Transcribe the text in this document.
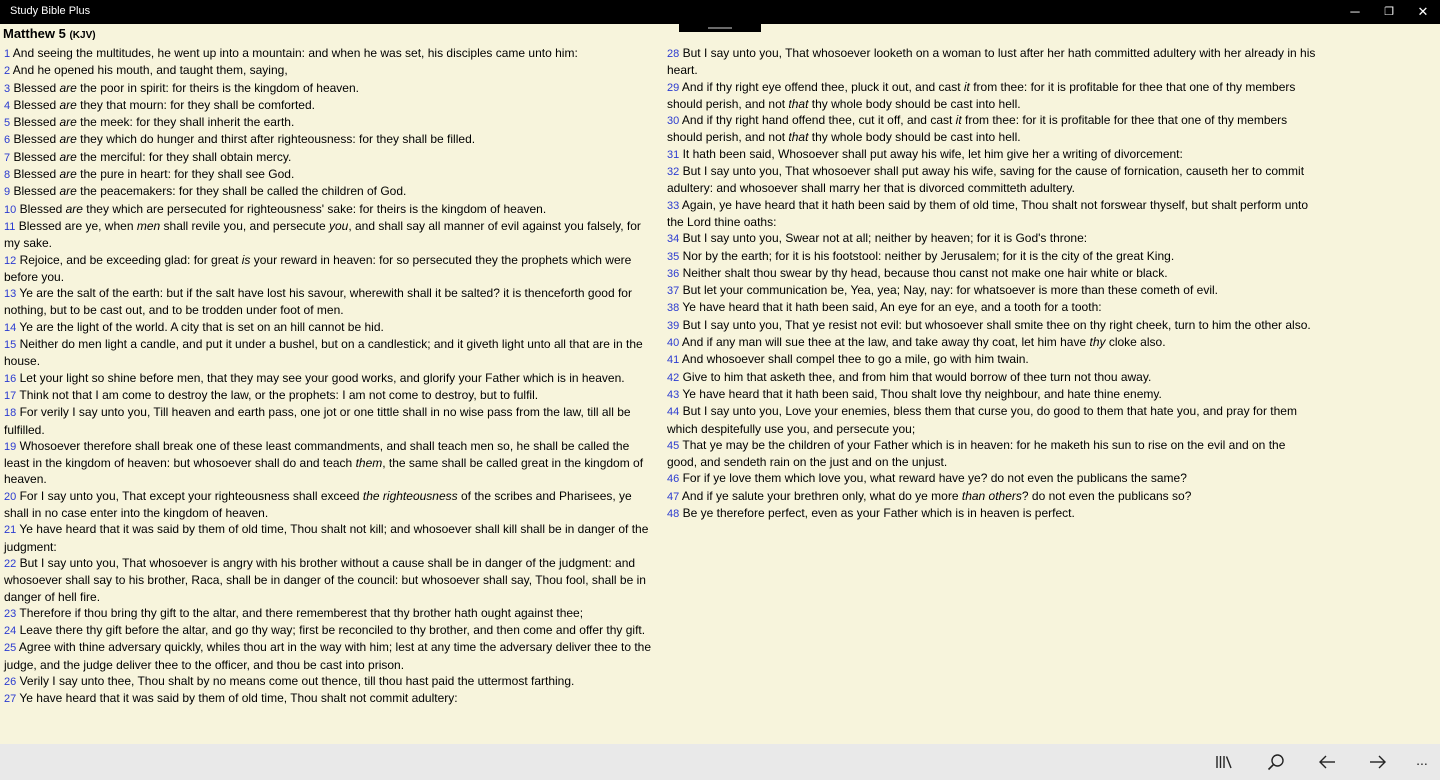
Study Bible Plus	─	❐	✕
Matthew 5 (KJV)

1 And seeing the multitudes, he went up into a mountain: and when he was set, his disciples came unto him:

2 And he opened his mouth, and taught them, saying,

3 Blessed are the poor in spirit: for theirs is the kingdom of heaven.

4 Blessed are they that mourn: for they shall be comforted.

5 Blessed are the meek: for they shall inherit the earth.

6 Blessed are they which do hunger and thirst after righteousness: for they shall be filled.

7 Blessed are the merciful: for they shall obtain mercy.

8 Blessed are the pure in heart: for they shall see God.

9 Blessed are the peacemakers: for they shall be called the children of God.

10 Blessed are they which are persecuted for righteousness' sake: for theirs is the kingdom of heaven.

11 Blessed are ye, when men shall revile you, and persecute you, and shall say all manner of evil against you falsely, for my sake.

12 Rejoice, and be exceeding glad: for great is your reward in heaven: for so persecuted they the prophets which were before you.

13 Ye are the salt of the earth: but if the salt have lost his savour, wherewith shall it be salted? it is thenceforth good for nothing, but to be cast out, and to be trodden under foot of men.

14 Ye are the light of the world. A city that is set on an hill cannot be hid.

15 Neither do men light a candle, and put it under a bushel, but on a candlestick; and it giveth light unto all that are in the house.

16 Let your light so shine before men, that they may see your good works, and glorify your Father which is in heaven.

17 Think not that I am come to destroy the law, or the prophets: I am not come to destroy, but to fulfil.

18 For verily I say unto you, Till heaven and earth pass, one jot or one tittle shall in no wise pass from the law, till all be fulfilled.

19 Whosoever therefore shall break one of these least commandments, and shall teach men so, he shall be called the least in the kingdom of heaven: but whosoever shall do and teach them, the same shall be called great in the kingdom of heaven.

20 For I say unto you, That except your righteousness shall exceed the righteousness of the scribes and Pharisees, ye shall in no case enter into the kingdom of heaven.

21 Ye have heard that it was said by them of old time, Thou shalt not kill; and whosoever shall kill shall be in danger of the judgment:

22 But I say unto you, That whosoever is angry with his brother without a cause shall be in danger of the judgment: and whosoever shall say to his brother, Raca, shall be in danger of the council: but whosoever shall say, Thou fool, shall be in danger of hell fire.

23 Therefore if thou bring thy gift to the altar, and there rememberest that thy brother hath ought against thee;

24 Leave there thy gift before the altar, and go thy way; first be reconciled to thy brother, and then come and offer thy gift.

25 Agree with thine adversary quickly, whiles thou art in the way with him; lest at any time the adversary deliver thee to the judge, and the judge deliver thee to the officer, and thou be cast into prison.

26 Verily I say unto thee, Thou shalt by no means come out thence, till thou hast paid the uttermost farthing.

27 Ye have heard that it was said by them of old time, Thou shalt not commit adultery:

28 But I say unto you, That whosoever looketh on a woman to lust after her hath committed adultery with her already in his heart.

29 And if thy right eye offend thee, pluck it out, and cast it from thee: for it is profitable for thee that one of thy members should perish, and not that thy whole body should be cast into hell.

30 And if thy right hand offend thee, cut it off, and cast it from thee: for it is profitable for thee that one of thy members should perish, and not that thy whole body should be cast into hell.

31 It hath been said, Whosoever shall put away his wife, let him give her a writing of divorcement:

32 But I say unto you, That whosoever shall put away his wife, saving for the cause of fornication, causeth her to commit adultery: and whosoever shall marry her that is divorced committeth adultery.

33 Again, ye have heard that it hath been said by them of old time, Thou shalt not forswear thyself, but shalt perform unto the Lord thine oaths:

34 But I say unto you, Swear not at all; neither by heaven; for it is God's throne:

35 Nor by the earth; for it is his footstool: neither by Jerusalem; for it is the city of the great King.

36 Neither shalt thou swear by thy head, because thou canst not make one hair white or black.

37 But let your communication be, Yea, yea; Nay, nay: for whatsoever is more than these cometh of evil.

38 Ye have heard that it hath been said, An eye for an eye, and a tooth for a tooth:

39 But I say unto you, That ye resist not evil: but whosoever shall smite thee on thy right cheek, turn to him the other also.

40 And if any man will sue thee at the law, and take away thy coat, let him have thy cloke also.

41 And whosoever shall compel thee to go a mile, go with him twain.

42 Give to him that asketh thee, and from him that would borrow of thee turn not thou away.

43 Ye have heard that it hath been said, Thou shalt love thy neighbour, and hate thine enemy.

44 But I say unto you, Love your enemies, bless them that curse you, do good to them that hate you, and pray for them which despitefully use you, and persecute you;

45 That ye may be the children of your Father which is in heaven: for he maketh his sun to rise on the evil and on the good, and sendeth rain on the just and on the unjust.

46 For if ye love them which love you, what reward have ye? do not even the publicans the same?

47 And if ye salute your brethren only, what do ye more than others? do not even the publicans so?

48 Be ye therefore perfect, even as your Father which is in heaven is perfect.

...
